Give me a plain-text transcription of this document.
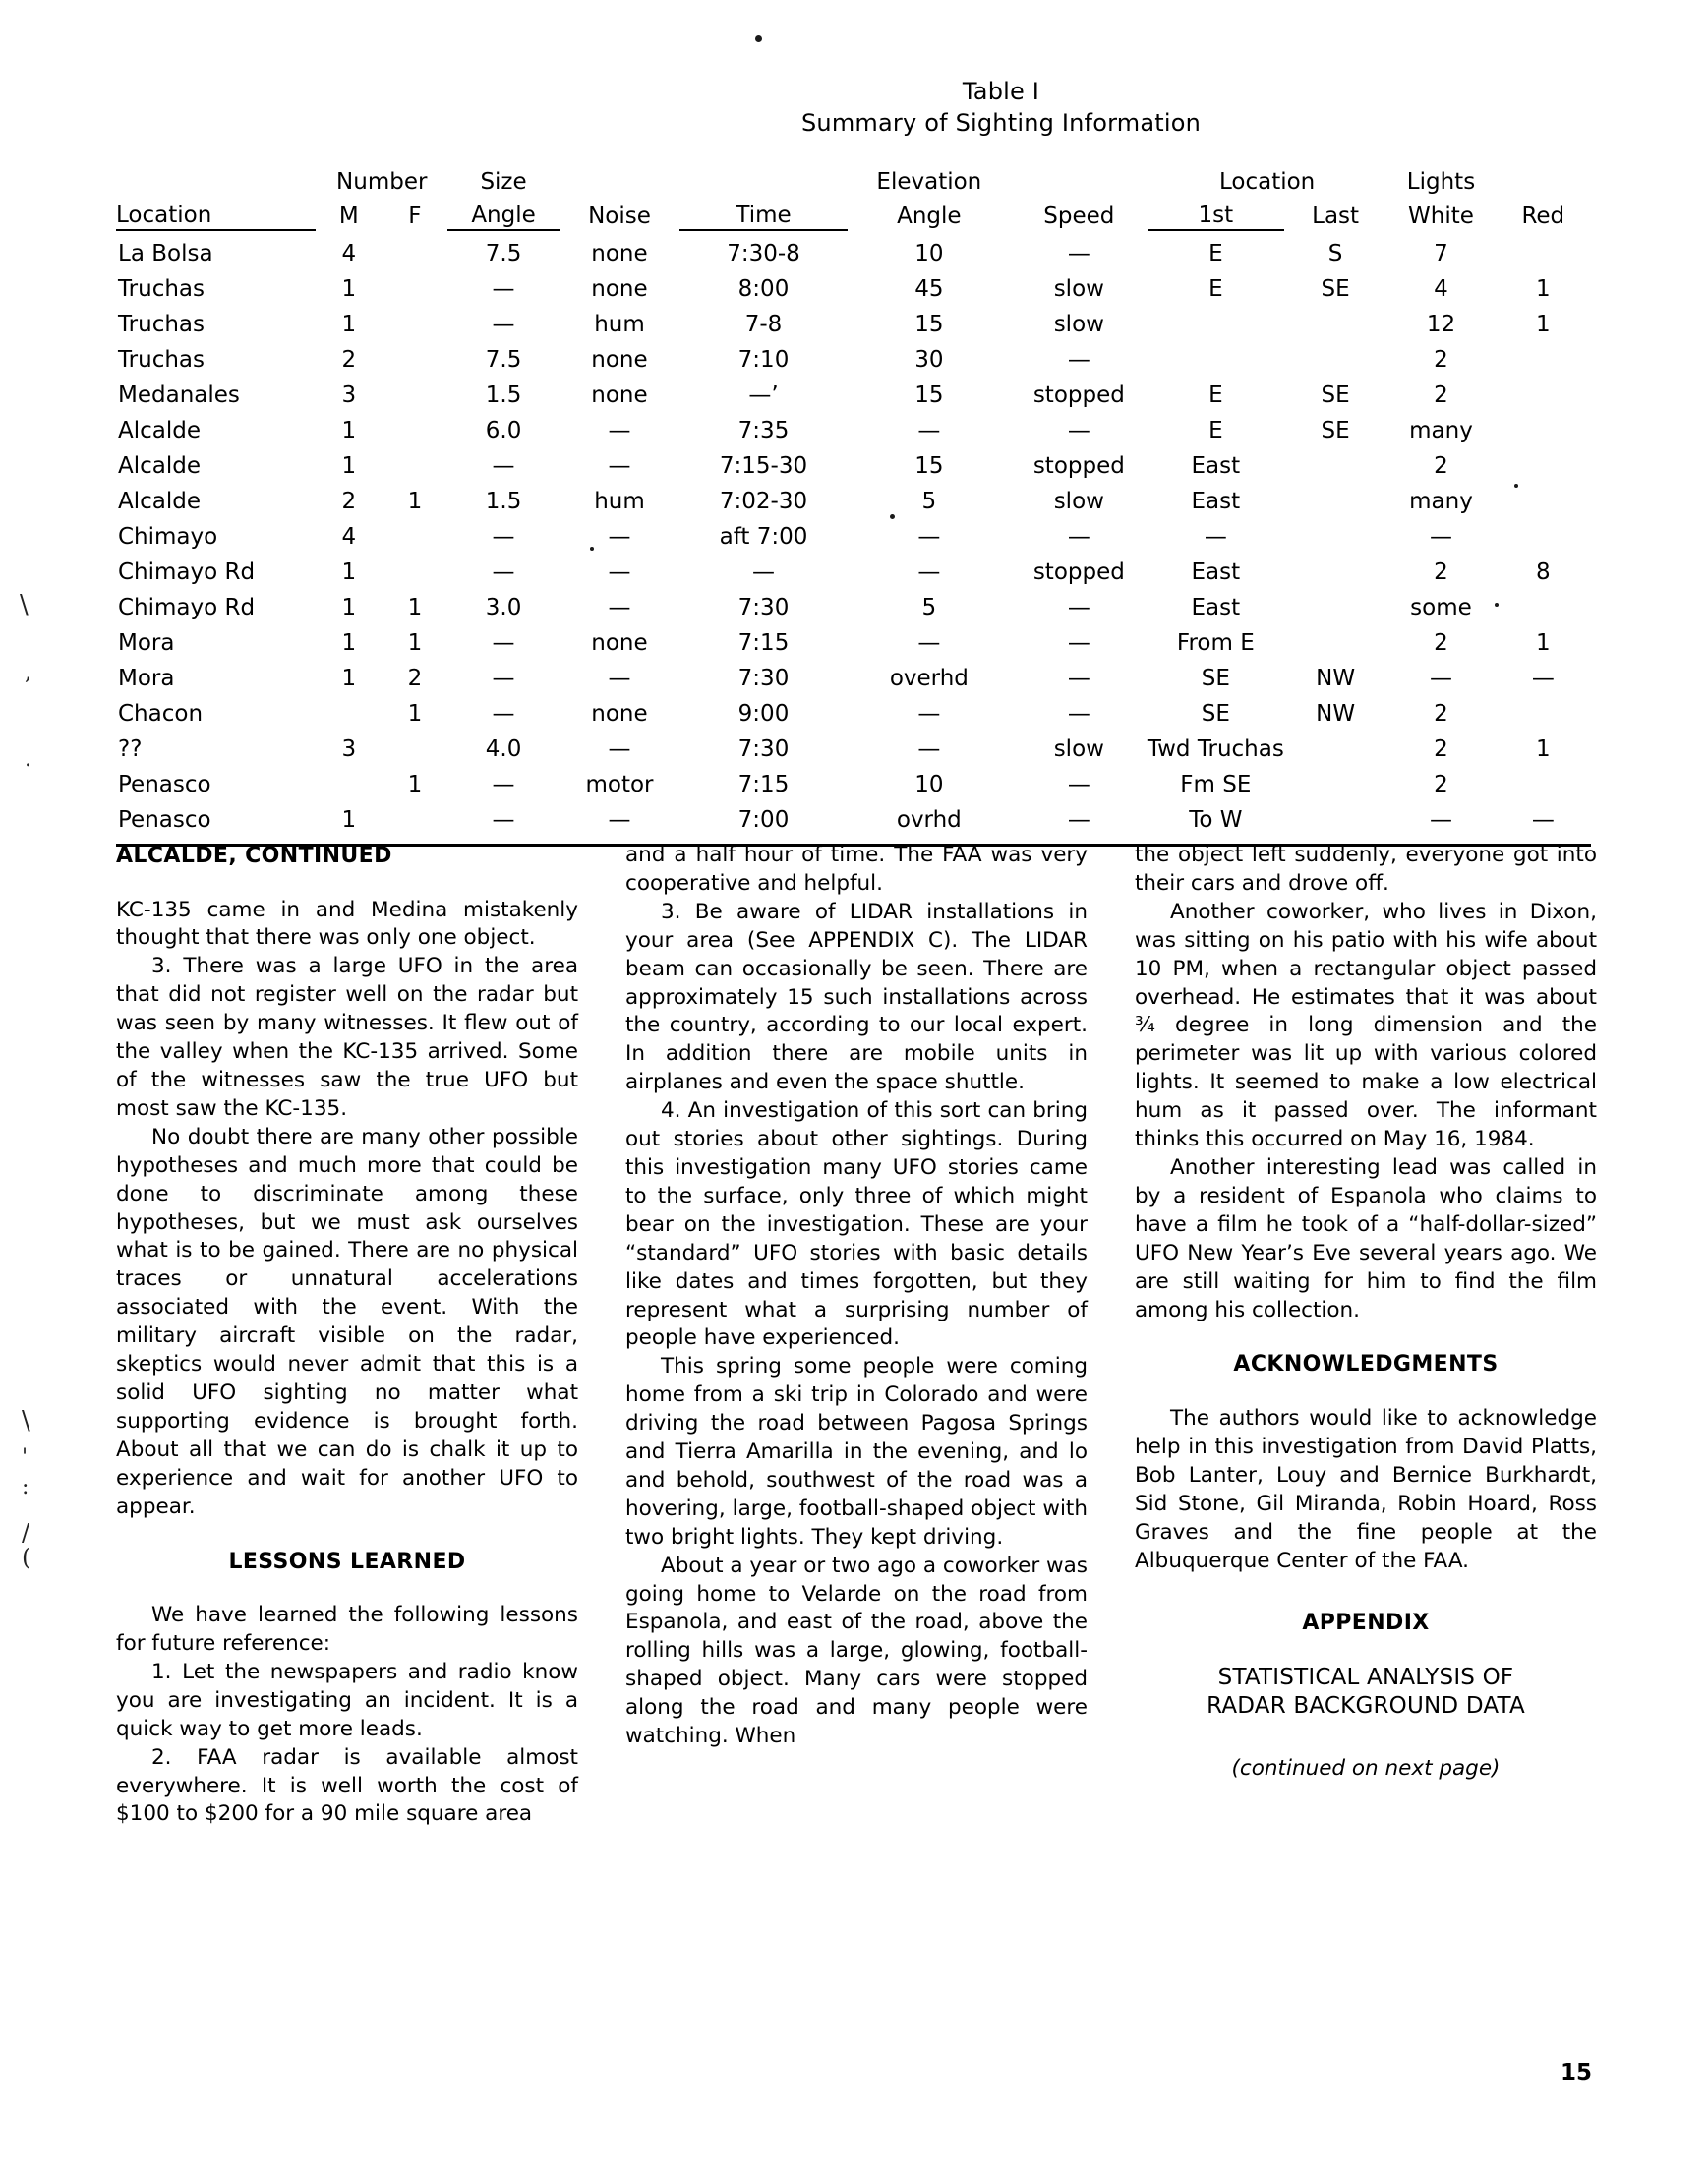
\
,
.

\
'
:
/
(
Table I
Summary of Sighting Information
	Number		Size			Elevation		Location		Lights	
Location	M	F	Angle	Noise	Time	Angle	Speed	1st	Last	White	Red
La Bolsa	4		7.5	none	7:30-8	10	—	E	S	7	
Truchas	1		—	none	8:00	45	slow	E	SE	4	1
Truchas	1		—	hum	7-8	15	slow			12	1
Truchas	2		7.5	none	7:10	30	—			2	
Medanales	3		1.5	none	—’	15	stopped	E	SE	2	
Alcalde	1		6.0	—	7:35	—	—	E	SE	many	
Alcalde	1		—	—	7:15-30	15	stopped	East		2	
Alcalde	2	1	1.5	hum	7:02-30	5	slow	East		many	
Chimayo	4		—	—	aft 7:00	—	—	—		—	
Chimayo Rd	1		—	—	—	—	stopped	East		2	8
Chimayo Rd	1	1	3.0	—	7:30	5	—	East		some	
Mora	1	1	—	none	7:15	—	—	From E		2	1
Mora	1	2	—	—	7:30	overhd	—	SE	NW	—	—
Chacon		1	—	none	9:00	—	—	SE	NW	2	
??	3		4.0	—	7:30	—	slow	Twd Truchas		2	1
Penasco		1	—	motor	7:15	10	—	Fm SE		2	
Penasco	1		—	—	7:00	ovrhd	—	To W		—	—
ALCALDE, CONTINUED

KC-135 came in and Medina mistakenly thought that there was only one object.

3. There was a large UFO in the area that did not register well on the radar but was seen by many witnesses. It flew out of the valley when the KC-135 arrived. Some of the witnesses saw the true UFO but most saw the KC-135.

No doubt there are many other possible hypotheses and much more that could be done to discriminate among these hypotheses, but we must ask ourselves what is to be gained. There are no physical traces or unnatural accelerations associated with the event. With the military aircraft visible on the radar, skeptics would never admit that this is a solid UFO sighting no matter what supporting evidence is brought forth. About all that we can do is chalk it up to experience and wait for another UFO to appear.

LESSONS LEARNED

We have learned the following lessons for future reference:

1. Let the newspapers and radio know you are investigating an incident. It is a quick way to get more leads.

2. FAA radar is available almost everywhere. It is well worth the cost of $100 to $200 for a 90 mile square area

and a half hour of time. The FAA was very cooperative and helpful.

3. Be aware of LIDAR installations in your area (See APPENDIX C). The LIDAR beam can occasionally be seen. There are approximately 15 such installations across the country, according to our local expert. In addition there are mobile units in airplanes and even the space shuttle.

4. An investigation of this sort can bring out stories about other sightings. During this investigation many UFO stories came to the surface, only three of which might bear on the investigation. These are your “standard” UFO stories with basic details like dates and times forgotten, but they represent what a surprising number of people have experienced.

This spring some people were coming home from a ski trip in Colorado and were driving the road between Pagosa Springs and Tierra Amarilla in the evening, and lo and behold, southwest of the road was a hovering, large, football-shaped object with two bright lights. They kept driving.

About a year or two ago a coworker was going home to Velarde on the road from Espanola, and east of the road, above the rolling hills was a large, glowing, football-shaped object. Many cars were stopped along the road and many people were watching. When

the object left suddenly, everyone got into their cars and drove off.

Another coworker, who lives in Dixon, was sitting on his patio with his wife about 10 PM, when a rectangular object passed overhead. He estimates that it was about ¾ degree in long dimension and the perimeter was lit up with various colored lights. It seemed to make a low electrical hum as it passed over. The informant thinks this occurred on May 16, 1984.

Another interesting lead was called in by a resident of Espanola who claims to have a film he took of a “half-dollar-sized” UFO New Year’s Eve several years ago. We are still waiting for him to find the film among his collection.

ACKNOWLEDGMENTS

The authors would like to acknowledge help in this investigation from David Platts, Bob Lanter, Louy and Bernice Burkhardt, Sid Stone, Gil Miranda, Robin Hoard, Ross Graves and the fine people at the Albuquerque Center of the FAA.

APPENDIX
STATISTICAL ANALYSIS OF
RADAR BACKGROUND DATA
(continued on next page)
15
